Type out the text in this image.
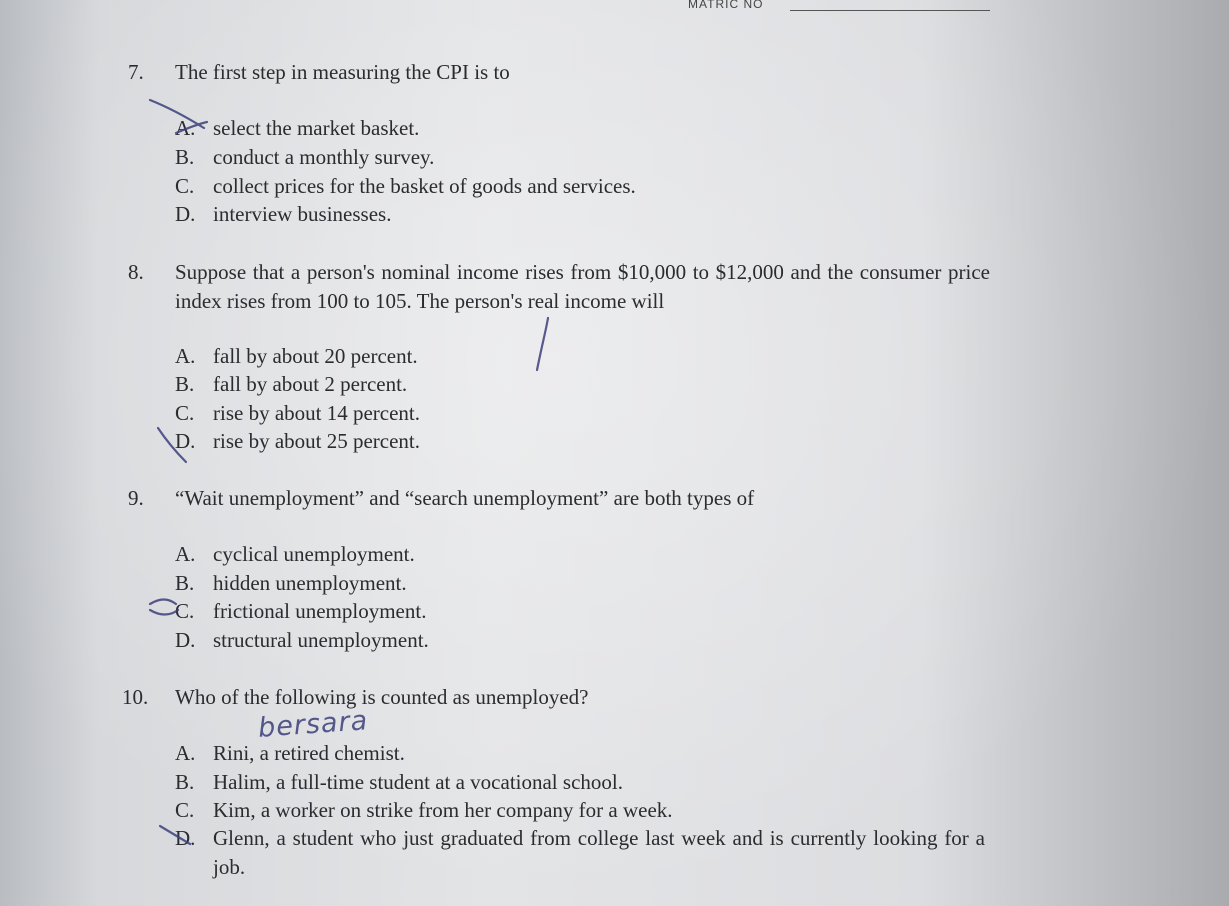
MATRIC NO
7. The first step in measuring the CPI is to
A. select the market basket.
B. conduct a monthly survey.
C. collect prices for the basket of goods and services.
D. interview businesses.
8. Suppose that a person's nominal income rises from $10,000 to $12,000 and the consumer price index rises from 100 to 105. The person's real income will
A. fall by about 20 percent.
B. fall by about 2 percent.
C. rise by about 14 percent.
D. rise by about 25 percent.
9. “Wait unemployment” and “search unemployment” are both types of
A. cyclical unemployment.
B. hidden unemployment.
C. frictional unemployment.
D. structural unemployment.
10. Who of the following is counted as unemployed?
A. Rini, a retired chemist.
B. Halim, a full-time student at a vocational school.
C. Kim, a worker on strike from her company for a week.
D. Glenn, a student who just graduated from college last week and is currently looking for a job.
bersara
